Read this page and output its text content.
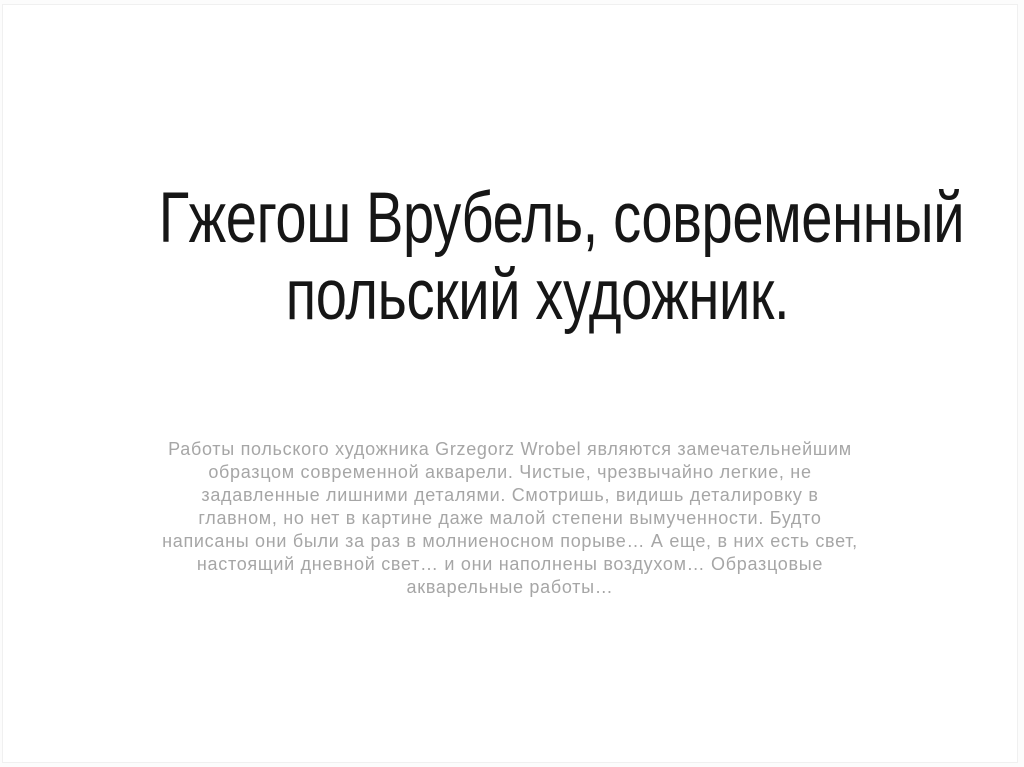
Гжегош Врубель, современный
польский художник.
Работы польского художника Grzegorz Wrobel являются замечательнейшим
образцом современной акварели. Чистые, чрезвычайно легкие, не
задавленные лишними деталями. Смотришь, видишь деталировку в
главном, но нет в картине даже малой степени вымученности. Будто
написаны они были за раз в молниеносном порыве… А еще, в них есть свет,
настоящий дневной свет… и они наполнены воздухом… Образцовые
акварельные работы…
